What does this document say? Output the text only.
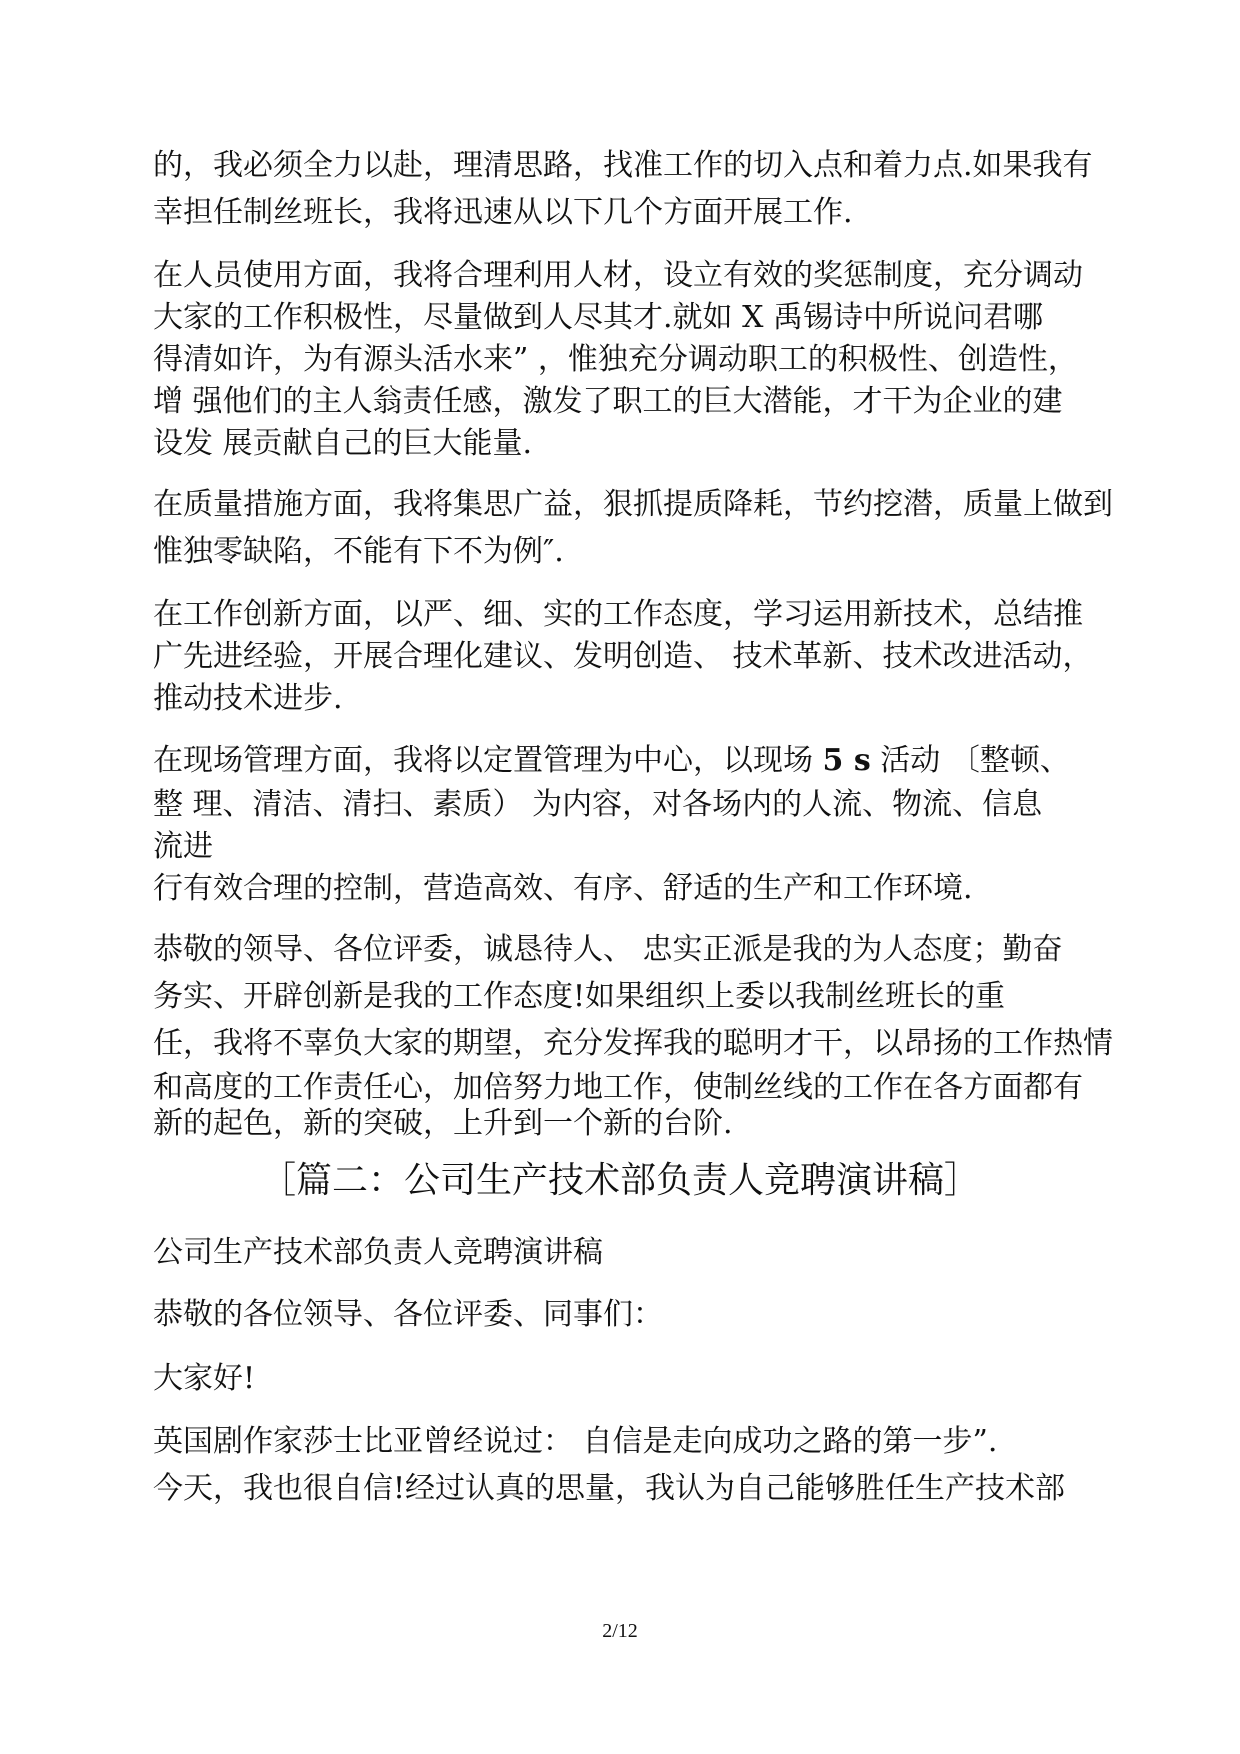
的，我必须全力以赴，理清思路，找准工作的切入点和着力点.如果我有
幸担任制丝班长，我将迅速从以下几个方面开展工作.
在人员使用方面，我将合理利用人材，设立有效的奖惩制度，充分调动
大家的工作积极性，尽量做到人尽其才.就如 X 禹锡诗中所说问君哪
得清如许，为有源头活水来” ，惟独充分调动职工的积极性、创造性，
增 强他们的主人翁责任感，激发了职工的巨大潜能，才干为企业的建
设发 展贡献自己的巨大能量.
在质量措施方面，我将集思广益，狠抓提质降耗，节约挖潜，质量上做到
惟独零缺陷，不能有下不为例″.
在工作创新方面，以严、细、实的工作态度，学习运用新技术，总结推
广先进经验，开展合理化建议、发明创造、 技术革新、技术改进活动，
推动技术进步.
在现场管理方面，我将以定置管理为中心，以现场 5 s 活动 〔整顿、
整 理、清洁、清扫、素质） 为内容，对各场内的人流、物流、信息
流进
行有效合理的控制，营造高效、有序、舒适的生产和工作环境.
恭敬的领导、各位评委，诚恳待人、 忠实正派是我的为人态度；勤奋
务实、开辟创新是我的工作态度!如果组织上委以我制丝班长的重
任，我将不辜负大家的期望，充分发挥我的聪明才干，以昂扬的工作热情
和高度的工作责任心，加倍努力地工作，使制丝线的工作在各方面都有
新的起色，新的突破，上升到一个新的台阶.
［篇二：公司生产技术部负责人竞聘演讲稿］
公司生产技术部负责人竞聘演讲稿
恭敬的各位领导、各位评委、同事们：
大家好!
英国剧作家莎士比亚曾经说过： 自信是走向成功之路的第一步”.
今天，我也很自信!经过认真的思量，我认为自己能够胜任生产技术部
2/12
